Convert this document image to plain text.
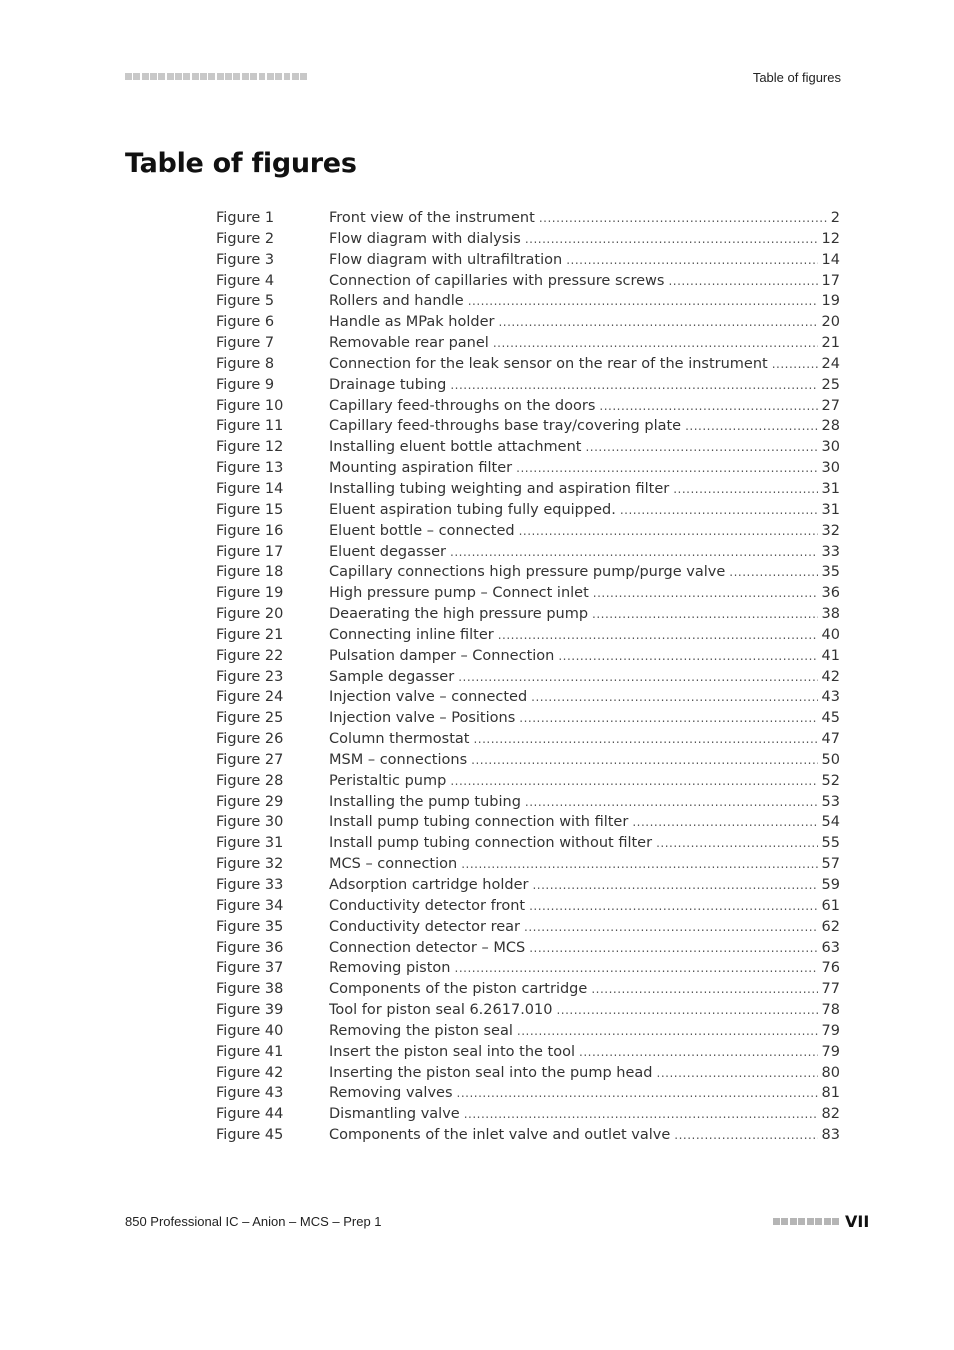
Table of figures
Table of figures
Figure 1	Front view of the instrument .....	2
Figure 2	Flow diagram with dialysis .....	12
Figure 3	Flow diagram with ultrafiltration .....	14
Figure 4	Connection of capillaries with pressure screws .....	17
Figure 5	Rollers and handle .....	19
Figure 6	Handle as MPak holder .....	20
Figure 7	Removable rear panel .....	21
Figure 8	Connection for the leak sensor on the rear of the instrument .....	24
Figure 9	Drainage tubing .....	25
Figure 10	Capillary feed-throughs on the doors .....	27
Figure 11	Capillary feed-throughs base tray/covering plate .....	28
Figure 12	Installing eluent bottle attachment .....	30
Figure 13	Mounting aspiration filter .....	30
Figure 14	Installing tubing weighting and aspiration filter .....	31
Figure 15	Eluent aspiration tubing fully equipped. .....	31
Figure 16	Eluent bottle – connected .....	32
Figure 17	Eluent degasser .....	33
Figure 18	Capillary connections high pressure pump/purge valve .....	35
Figure 19	High pressure pump – Connect inlet .....	36
Figure 20	Deaerating the high pressure pump .....	38
Figure 21	Connecting inline filter .....	40
Figure 22	Pulsation damper – Connection .....	41
Figure 23	Sample degasser .....	42
Figure 24	Injection valve – connected .....	43
Figure 25	Injection valve – Positions .....	45
Figure 26	Column thermostat .....	47
Figure 27	MSM – connections .....	50
Figure 28	Peristaltic pump .....	52
Figure 29	Installing the pump tubing .....	53
Figure 30	Install pump tubing connection with filter .....	54
Figure 31	Install pump tubing connection without filter .....	55
Figure 32	MCS – connection .....	57
Figure 33	Adsorption cartridge holder .....	59
Figure 34	Conductivity detector front .....	61
Figure 35	Conductivity detector rear .....	62
Figure 36	Connection detector – MCS .....	63
Figure 37	Removing piston .....	76
Figure 38	Components of the piston cartridge .....	77
Figure 39	Tool for piston seal 6.2617.010 .....	78
Figure 40	Removing the piston seal .....	79
Figure 41	Insert the piston seal into the tool .....	79
Figure 42	Inserting the piston seal into the pump head .....	80
Figure 43	Removing valves .....	81
Figure 44	Dismantling valve .....	82
Figure 45	Components of the inlet valve and outlet valve .....	83
850 Professional IC – Anion – MCS – Prep 1	VII
